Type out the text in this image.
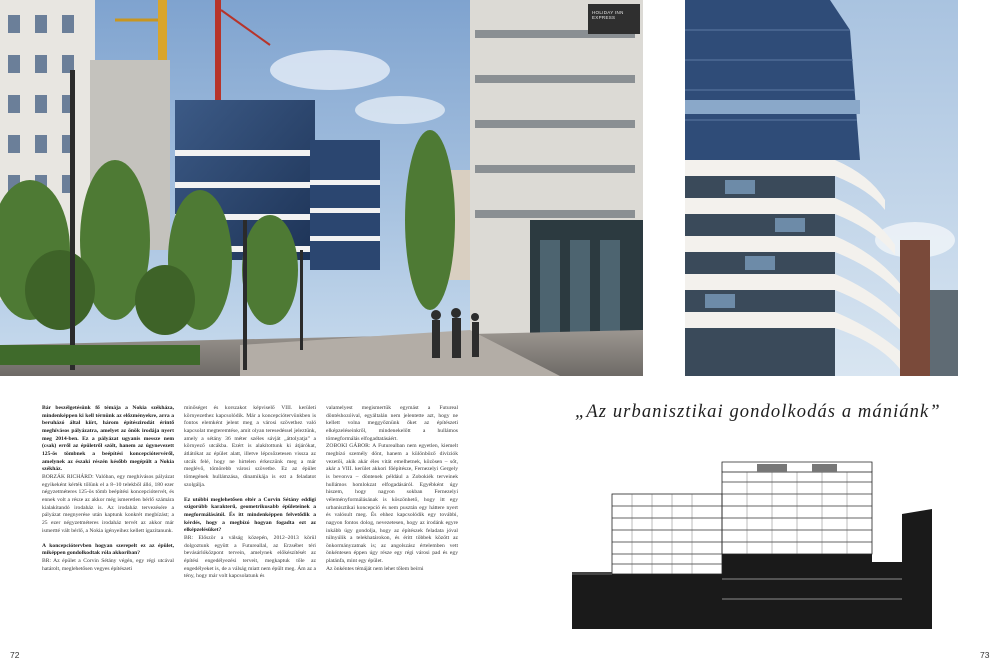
HOLIDAY INN EXPRESS

Bár beszélgetésünk fő témája a Nokia székháza, mindenképpen ki kell térnünk az előzményekre, arra a beruházó által kiírt, három építészirodát érintő meghívásos pályázatra, amelyet az önök irodája nyert meg 2014-ben. Ez a pályázat ugyanis messze nem (csak) erről az épületről szólt, hanem az úgynevezett 125-ös tömbnek a beépítési koncepciótervéről, amelynek az északi részén később megépült a Nokia székház.

BORZÁK RICHÁRD: Valóban, egy meghívásos pályázat egyikeként kérték tőlünk el a 8–10 telekből álló, 180 ezer négyzetméteres 125-ös tömb beépítési koncepciótervét, és ennek volt a része az akkor még ismeretlen bérlő számára kialakítandó irodaház is. Az irodaház tervezésére a pályázat megnyerése után kaptunk konkrét megbízást; a 25 ezer négyzetméteres irodaház tervét az akkor már ismertté vált bérlő, a Nokia igényeihez kellett igazítanunk.

A koncepciótervben hogyan szerepelt ez az épület, miképpen gondolkodtak róla akkoriban?

BR: Az épület a Corvin Sétány végén, egy régi utcával határolt, meglehetősen vegyes építészeti

minőséget és korszakot képviselő VIII. kerületi környezethez kapcsolódik. Már a koncepciótervünkben is fontos elemként jelent meg a városi szövethez való kapcsolat megteremtése, amit olyan teresedéssel jeleztünk, amely a sétány 36 méter széles sávját „áttolyatja” a környező utcákba. Ezért is alakítottunk ki átjárókat, átlátókat az épület alatt, illetve lépcsőzetesen vissza az utcák felé, hogy ne hirtelen érkezzünk meg a már meglévő, tömörebb városi szövetbe. Ez az épület tömegének hullámzása, dinamikája is ezt a feladatot szolgálja.

Ez utóbbi meglehetősen eltér a Corvin Sétány eddigi szigorúbb karakterű, geometrikusabb épületeinek a megformálásától. És itt mindenképpen felvetődik a kérdés, hogy a megbízó hogyan fogadta ezt az elképzelésüket?

BR: Először a válság közepén, 2012–2013 körül dolgoztunk együtt a Futureallal, az Erzsébet téri bevásárlóközpont tervein, amelynek előkészítését az építési engedélyezési terveit, megkaptuk tőle az engedélyeket is, de a válság miatt nem épült meg. Ám az a tény, hogy már volt kapcsolatunk és

valamelyest megismertük egymást a Futureal döntéshozóival, egyáltalán nem jelentette azt, hogy ne kellett volna meggyőznünk őket az építészeti elképzeléseinkről, mindenekelőtt a hullámos tömegformálás elfogadtatásáért.

ZOBOKI GÁBOR: A Futurealban nem egyetlen, kiemelt megbízó személy dönt, hanem a különböző divíziók vezetői, akik akár éles vitát emelhetnek, közösen – sőt, akár a VIII. kerület akkori főépítésze, Fernezelyi Gergely is bevonva – döntenek például a Zobokiék terveinek hullámos homlokzat elfogadásáról. Egyébként úgy hiszem, hogy nagyon sokban Fernezelyi véleményformálásának is köszönhető, hogy itt egy urbanisztikai koncepció és nem pusztán egy háttere nyert és valósult meg. És ehhez kapcsolódik egy további, nagyon fontos dolog, nevezetesen, hogy az irodánk egyre inkább úgy gondolja, hogy az építészek feladata jóval túlnyúlik a telekhatárokon, és éritt többek között az önkormányzatnak is; az angolszász értelemben vett önkéntesen éppen úgy része egy régi városi pad és egy platánfa, mint egy épület.

Az önkéntes témáját nem lehet tőlem beírni

„Az urbanisztikai gondolkodás a mániánk”
72	73
